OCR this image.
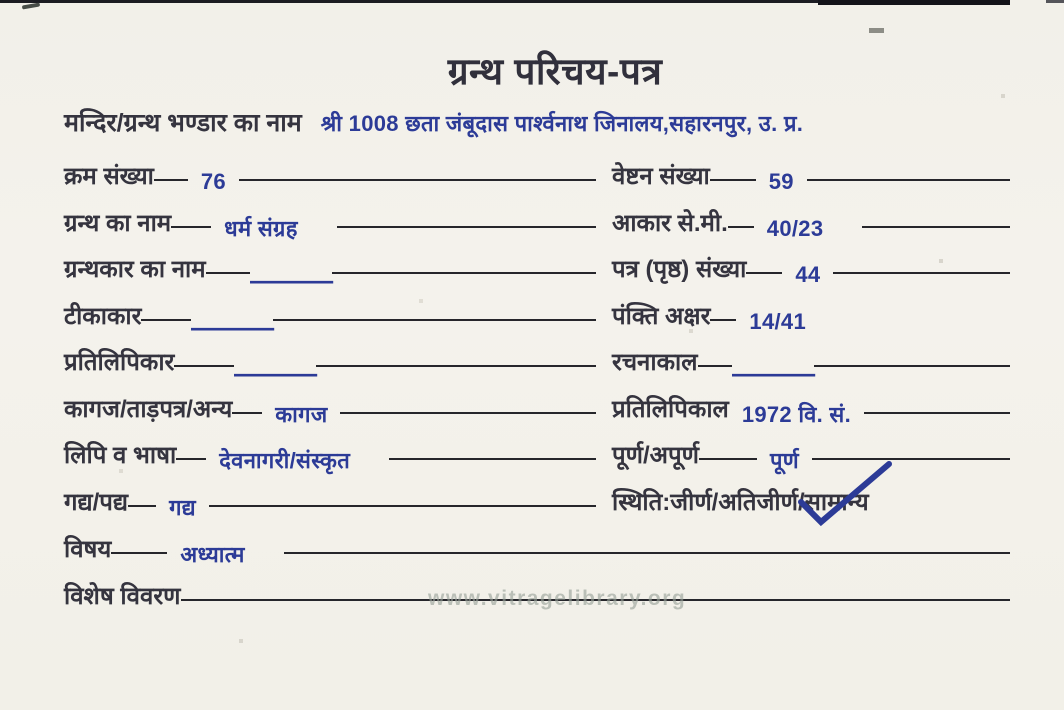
ग्रन्थ परिचय-पत्र
मन्दिर/ग्रन्थ भण्डार का नाम श्री 1008 छता जंबूदास पार्श्वनाथ जिनालय,सहारनपुर, उ. प्र.
क्रम संख्या	76	वेष्टन संख्या	59
ग्रन्थ का नाम	धर्म संग्रह	आकार से.मी.	40/23
ग्रन्थकार का नाम —	पत्र (पृष्ठ) संख्या	44
टीकाकार —	पंक्ति अक्षर	14/41
प्रतिलिपिकार —	रचनाकाल —
कागज/ताड़पत्र/अन्य	कागज	प्रतिलिपिकाल 1972 वि. सं.
लिपि व भाषा	देवनागरी/संस्कृत	पूर्ण/अपूर्ण	पूर्ण
गद्य/पद्य	गद्य	स्थिति:जीर्ण/अतिजीर्ण/ सामान्य
विषय	अध्यात्म
विशेष विवरण	www.vitragelibrary.org
